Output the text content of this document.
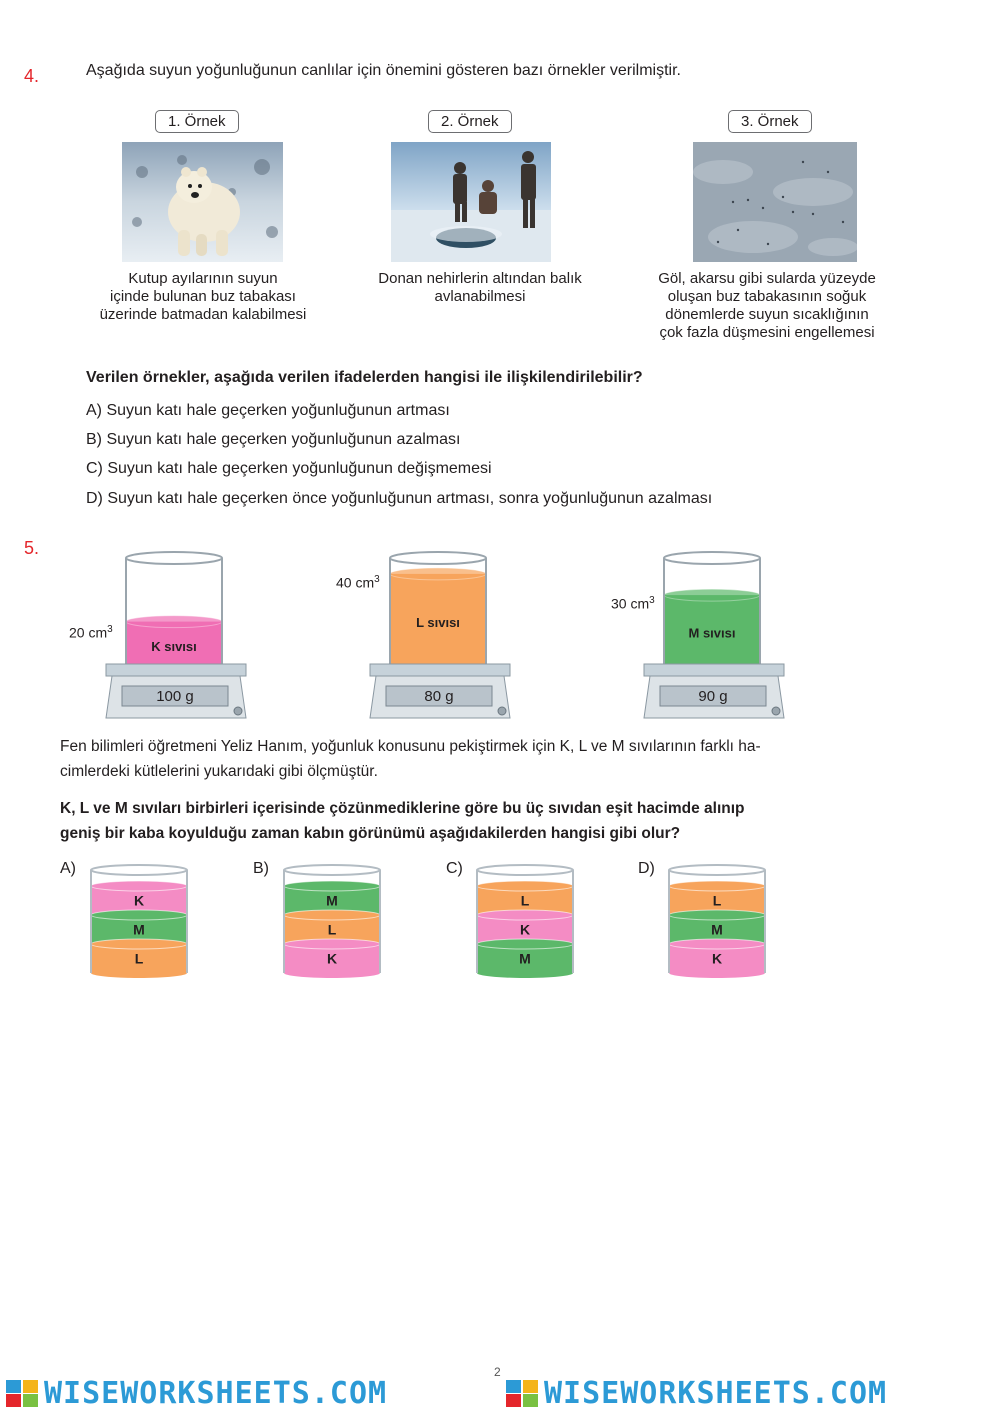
4.	Aşağıda suyun yoğunluğunun canlılar için önemini gösteren bazı örnekler verilmiştir.
1. Örnek
Kutup ayılarının suyun
içinde bulunan buz tabakası
üzerinde batmadan kalabilmesi
2. Örnek
Donan nehirlerin altından balık
avlanabilmesi
3. Örnek
Göl, akarsu gibi sularda yüzeyde
oluşan buz tabakasının soğuk
dönemlerde suyun sıcaklığının
çok fazla düşmesini engellemesi
Verilen örnekler, aşağıda verilen ifadelerden hangisi ile ilişkilendirilebilir?
A) Suyun katı hale geçerken yoğunluğunun artması
B) Suyun katı hale geçerken yoğunluğunun azalması
C) Suyun katı hale geçerken yoğunluğunun değişmemesi
D) Suyun katı hale geçerken önce yoğunluğunun artması, sonra yoğunluğunun azalması
5.
K sıvısı
100 g
L sıvısı
80 g
M sıvısı
90 g
20 $cm^3$
40 $cm^3$
30 $cm^3$
Fen bilimleri öğretmeni Yeliz Hanım, yoğunluk konusunu pekiştirmek için K, L ve M sıvılarının farklı ha-
cimlerdeki kütlelerini yukarıdaki gibi ölçmüştür.
K, L ve M sıvıları birbirleri içerisinde çözünmediklerine göre bu üç sıvıdan eşit hacimde alınıp
geniş bir kaba koyulduğu zaman kabın görünümü aşağıdakilerden hangisi gibi olur?
A)
K
M
L
B)
M
L
K
C)
L
K
M
D)
L
M
K
2
WISEWORKSHEETS.COM	WISEWORKSHEETS.COM
